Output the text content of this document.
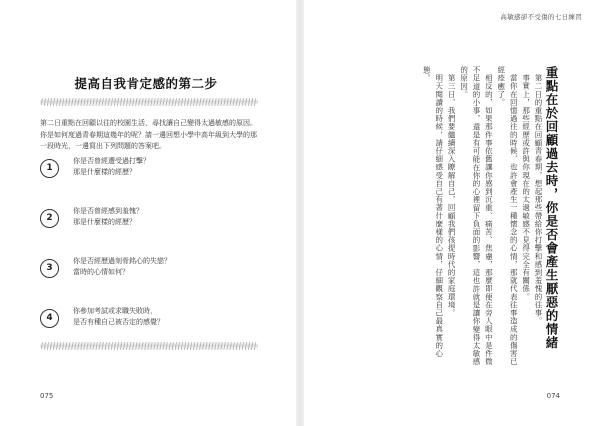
提高自我肯定感的第二步
第二日重點在回顧以往的校園生活，尋找讓自己變得太過敏感的原因。你是如何度過青春期這幾年的呢？請一邊回想小學中高年級到大學的那一段時光，一邊寫出下列問題的答案吧。
1
你是否曾經遭受過打擊？
那是什麼樣的經歷？
2
你是否曾經感到羞愧？
那是什麼樣的經歷？
3
你是否經歷過刻骨銘心的失戀？
當時的心情如何？
4
你參加考試或求職失敗時，
是否有種自己被否定的感覺？
075
高敏感卻不受傷的七日練習
重點在於回顧過去時，你是否會產生厭惡的情緒

第二日的重點在回顧青春期，想起那些帶給你打擊和感到羞愧的往事。

事實上，那些經歷或許與你現在的太過敏感不見得完全有關係。

當你在回憶過往的時候，也許會產生一種懷念的心情，那就代表往事造成的傷害已經痊癒了。

相反的，如果那件事依舊讓你感到沉重、痛苦、焦慮，那麼即便在旁人眼中是件微不足道的小事，還是有可能在你的心裡留下負面的影響，這也許就是讓你變得太敏感的原因。

第三日，我們要繼續深入瞭解自己，回顧我們孩提時代的家庭環境。

明天閱讀的時候，請仔細感受自己有著什麼樣的心情，仔細觀察自己最真實的心態。

074
